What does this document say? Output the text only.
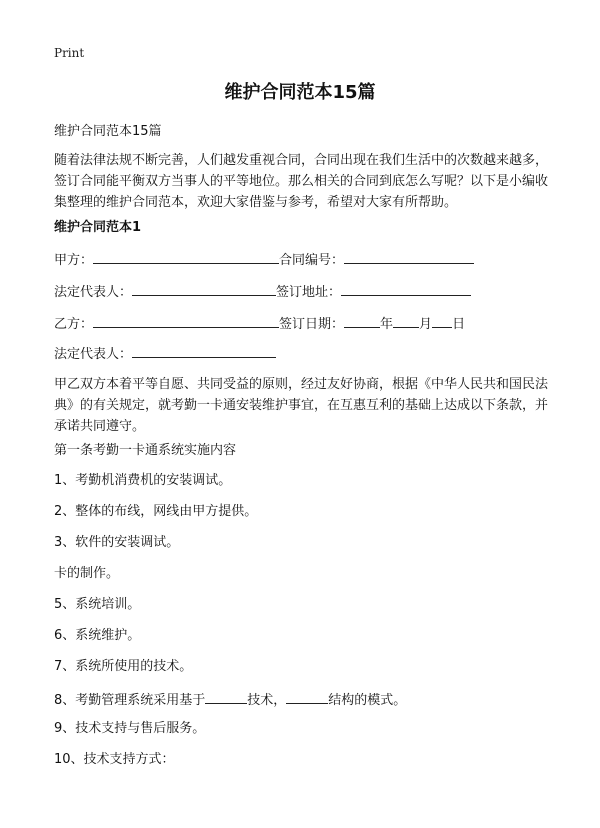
Print
维护合同范本15篇
维护合同范本15篇

随着法律法规不断完善，人们越发重视合同，合同出现在我们生活中的次数越来越多，签订合同能平衡双方当事人的平等地位。那么相关的合同到底怎么写呢？以下是小编收集整理的维护合同范本，欢迎大家借鉴与参考，希望对大家有所帮助。

维护合同范本1
甲方：	合同编号：
法定代表人：	签订地址：
乙方：	签订日期：	年 月 日
法定代表人：

甲乙双方本着平等自愿、共同受益的原则，经过友好协商，根据《中华人民共和国民法典》的有关规定，就考勤一卡通安装维护事宜，在互惠互利的基础上达成以下条款，并承诺共同遵守。

第一条考勤一卡通系统实施内容
1、考勤机消费机的安装调试。
2、整体的布线，网线由甲方提供。
3、软件的安装调试。
卡的制作。
5、系统培训。
6、系统维护。
7、系统所使用的技术。
8、考勤管理系统采用基于	技术，	结构的模式。
9、技术支持与售后服务。
10、技术支持方式：
